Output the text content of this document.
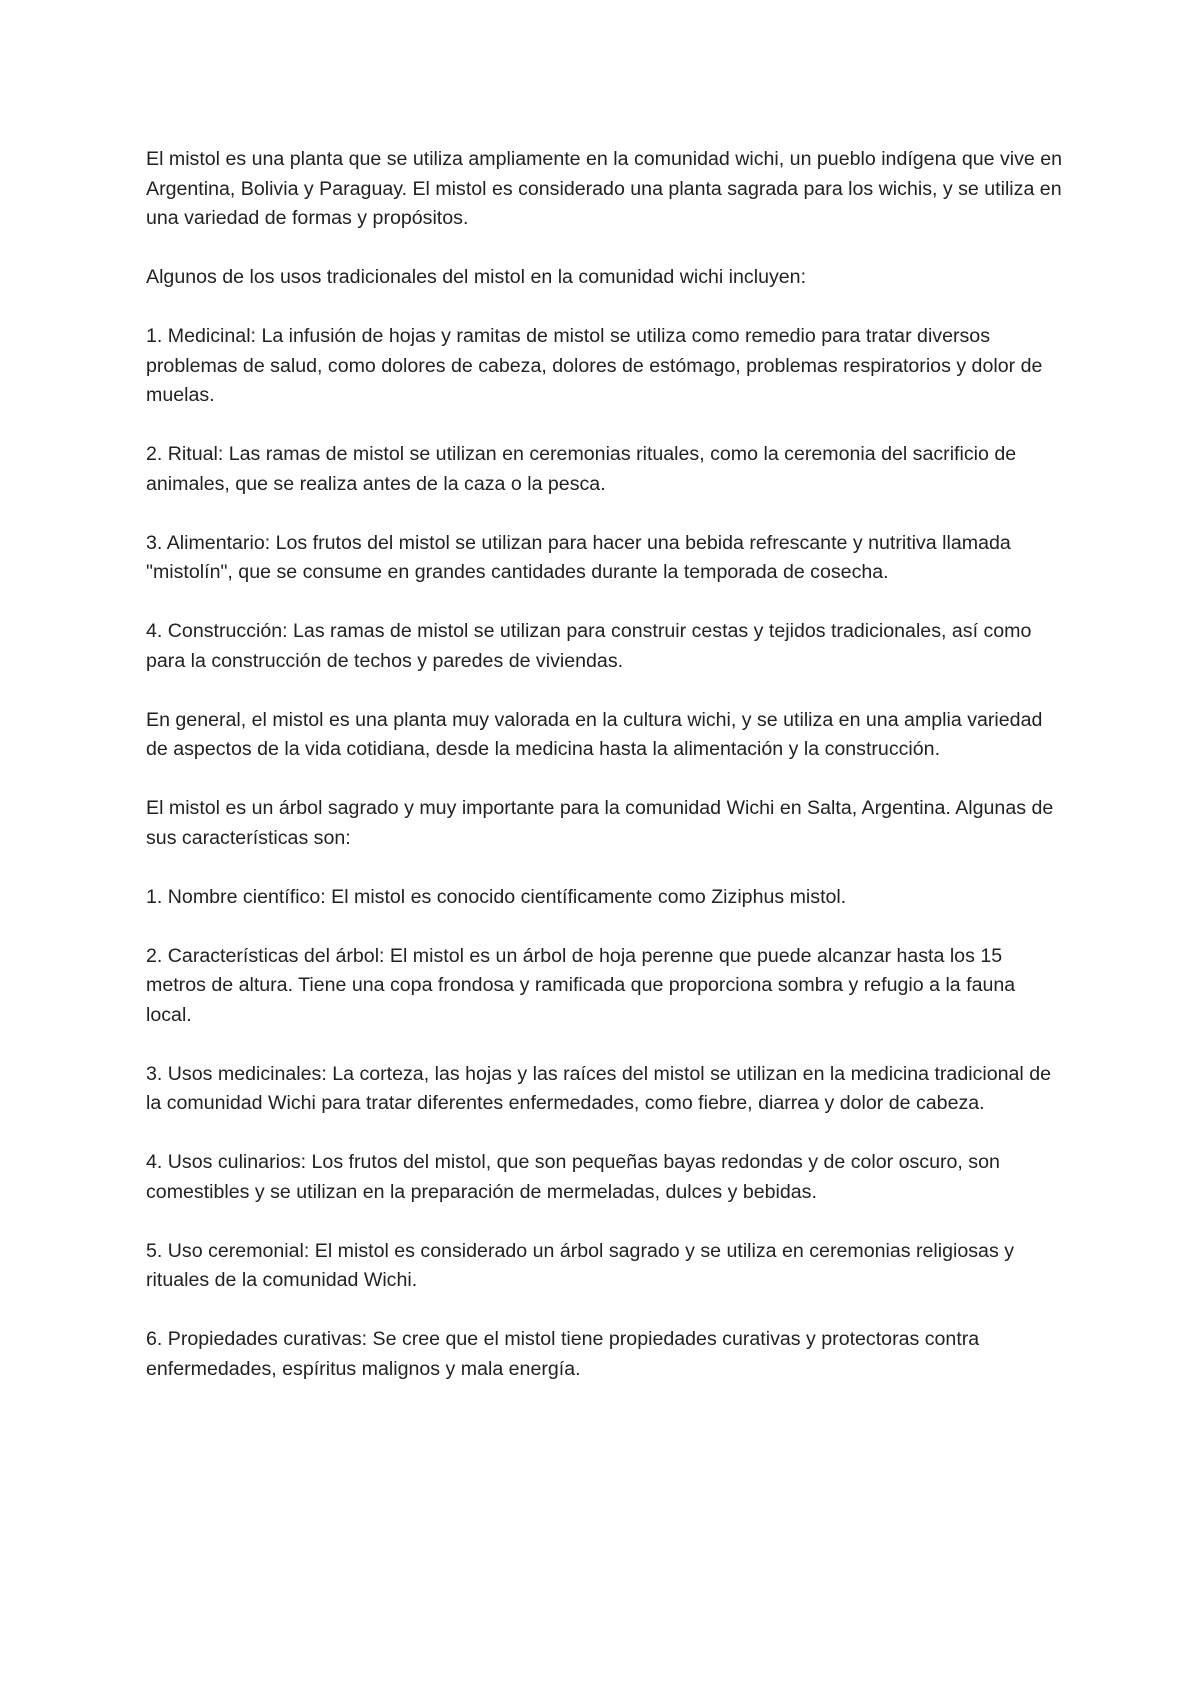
El mistol es una planta que se utiliza ampliamente en la comunidad wichi, un pueblo indígena que vive en Argentina, Bolivia y Paraguay. El mistol es considerado una planta sagrada para los wichis, y se utiliza en una variedad de formas y propósitos.

Algunos de los usos tradicionales del mistol en la comunidad wichi incluyen:

1. Medicinal: La infusión de hojas y ramitas de mistol se utiliza como remedio para tratar diversos problemas de salud, como dolores de cabeza, dolores de estómago, problemas respiratorios y dolor de muelas.

2. Ritual: Las ramas de mistol se utilizan en ceremonias rituales, como la ceremonia del sacrificio de animales, que se realiza antes de la caza o la pesca.

3. Alimentario: Los frutos del mistol se utilizan para hacer una bebida refrescante y nutritiva llamada "mistolín", que se consume en grandes cantidades durante la temporada de cosecha.

4. Construcción: Las ramas de mistol se utilizan para construir cestas y tejidos tradicionales, así como para la construcción de techos y paredes de viviendas.

En general, el mistol es una planta muy valorada en la cultura wichi, y se utiliza en una amplia variedad de aspectos de la vida cotidiana, desde la medicina hasta la alimentación y la construcción.

El mistol es un árbol sagrado y muy importante para la comunidad Wichi en Salta, Argentina. Algunas de sus características son:

1. Nombre científico: El mistol es conocido científicamente como Ziziphus mistol.

2. Características del árbol: El mistol es un árbol de hoja perenne que puede alcanzar hasta los 15 metros de altura. Tiene una copa frondosa y ramificada que proporciona sombra y refugio a la fauna local.

3. Usos medicinales: La corteza, las hojas y las raíces del mistol se utilizan en la medicina tradicional de la comunidad Wichi para tratar diferentes enfermedades, como fiebre, diarrea y dolor de cabeza.

4. Usos culinarios: Los frutos del mistol, que son pequeñas bayas redondas y de color oscuro, son comestibles y se utilizan en la preparación de mermeladas, dulces y bebidas.

5. Uso ceremonial: El mistol es considerado un árbol sagrado y se utiliza en ceremonias religiosas y rituales de la comunidad Wichi.

6. Propiedades curativas: Se cree que el mistol tiene propiedades curativas y protectoras contra enfermedades, espíritus malignos y mala energía.
